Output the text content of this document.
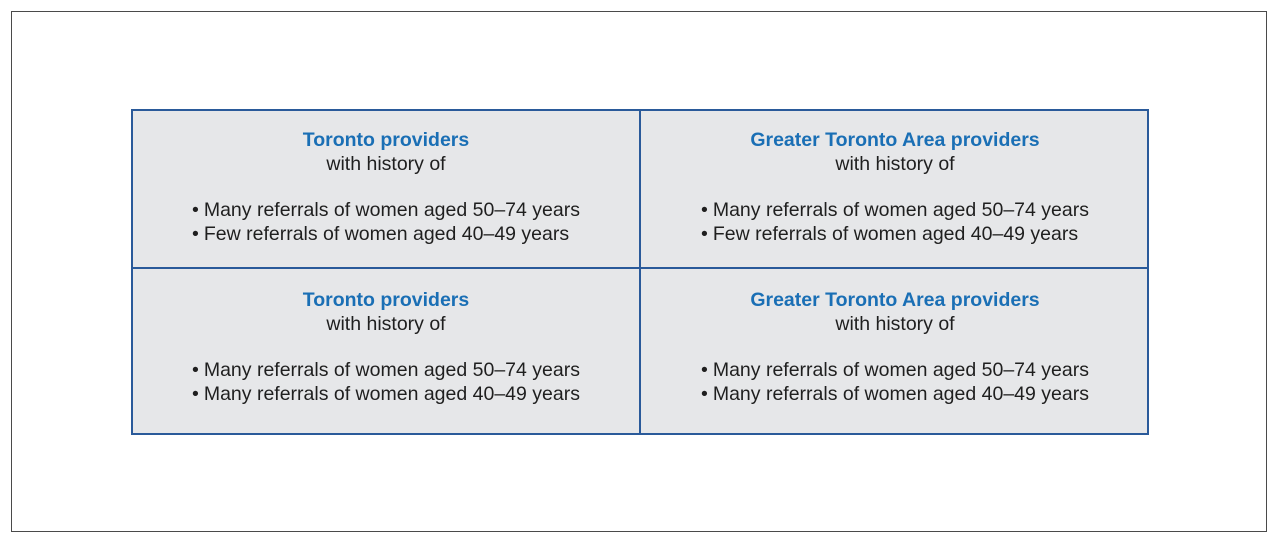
Toronto providers
with history of
• Many referrals of women aged 50–74 years
• Few referrals of women aged 40–49 years
Greater Toronto Area providers
with history of
• Many referrals of women aged 50–74 years
• Few referrals of women aged 40–49 years
Toronto providers
with history of
• Many referrals of women aged 50–74 years
• Many referrals of women aged 40–49 years
Greater Toronto Area providers
with history of
• Many referrals of women aged 50–74 years
• Many referrals of women aged 40–49 years
